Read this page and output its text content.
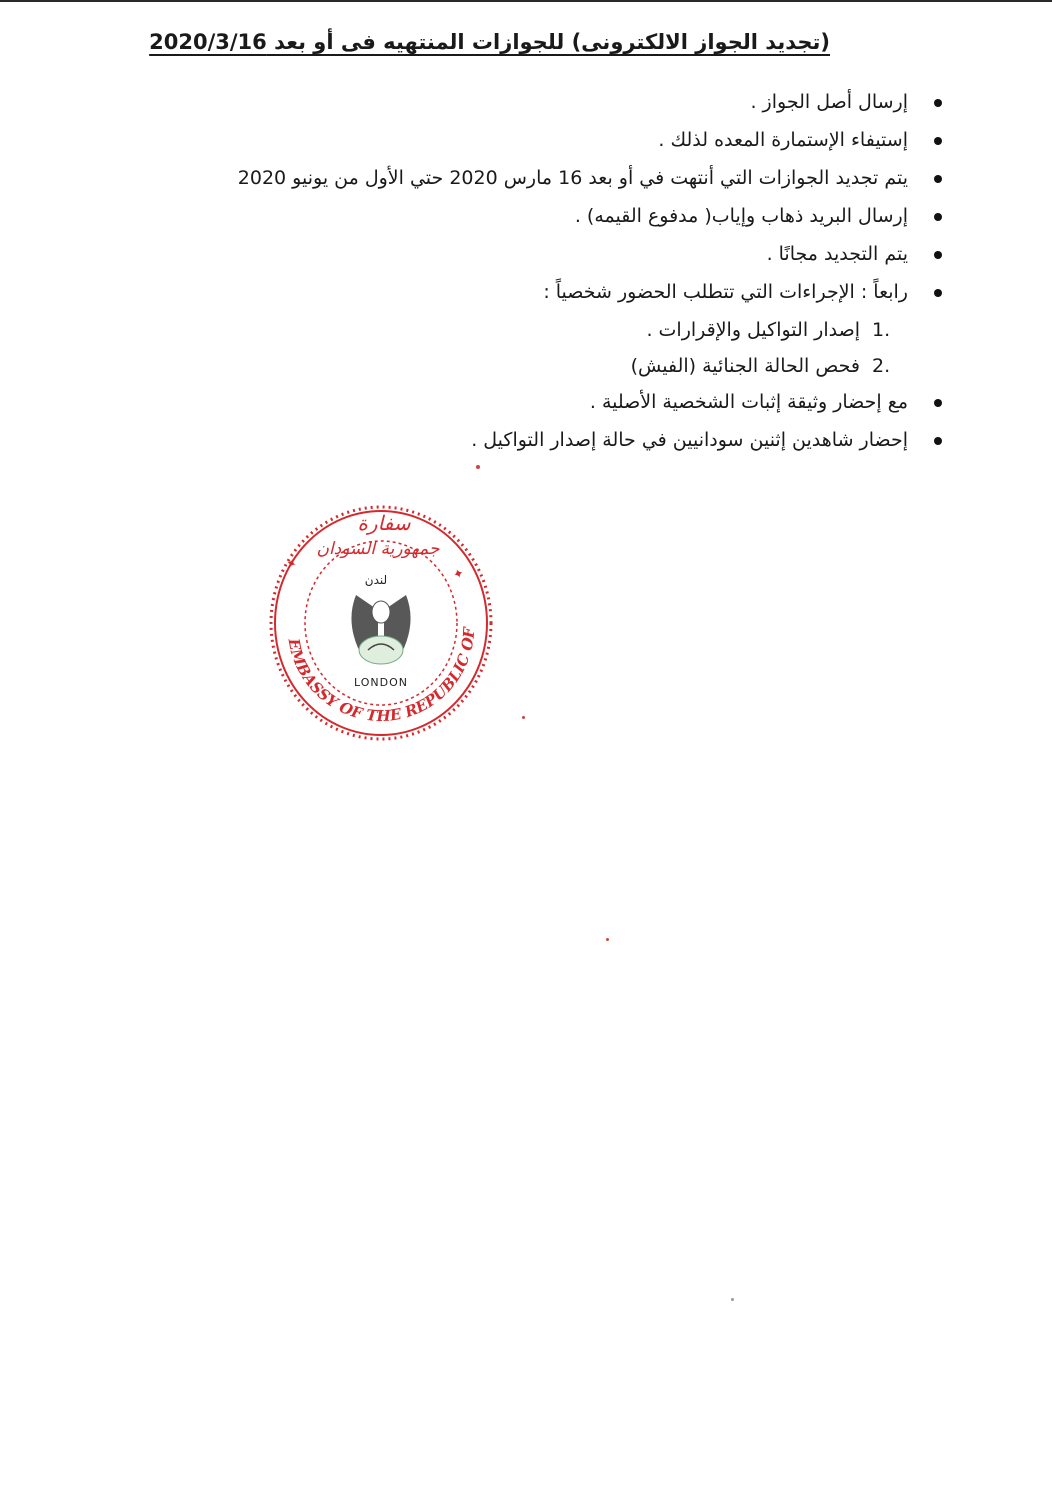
(تجديد الجواز الالكترونى) للجوازات المنتهيه فى أو بعد 2020/3/16
إرسال أصل الجواز .
إستيفاء الإستمارة المعده لذلك .
يتم تجديد الجوازات التي أنتهت في أو بعد 16 مارس 2020 حتي الأول من يونيو 2020
إرسال البريد ذهاب وإياب( مدفوع القيمه) .
يتم التجديد مجانًا .
رابعاً : الإجراءات التي تتطلب الحضور شخصياً :
1.
إصدار التواكيل والإقرارات .
2.
فحص الحالة الجنائية (الفيش)
مع إحضار وثيقة إثبات الشخصية الأصلية .
إحضار شاهدين إثنين سودانيين في حالة إصدار التواكيل .
EMBASSY OF THE REPUBLIC OF
سفارة
جمهورية السودان
لندن
LONDON
✦
✦
